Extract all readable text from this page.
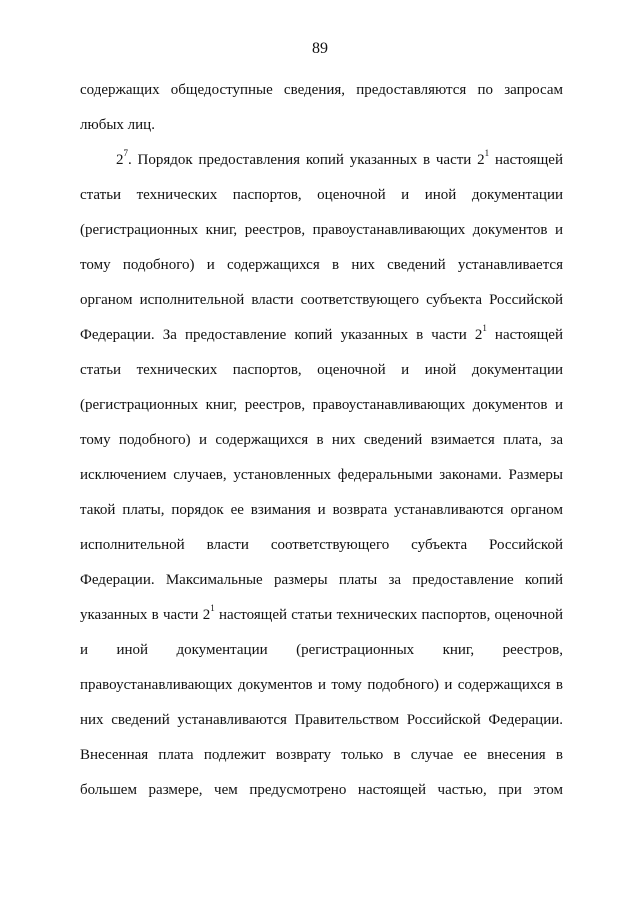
89
содержащих общедоступные сведения, предоставляются по запросам
любых лиц.
$2^7$. Порядок предоставления копий указанных в части $2^1$ настоящей
статьи технических паспортов, оценочной и иной документации
(регистрационных книг, реестров, правоустанавливающих документов и
тому подобного) и содержащихся в них сведений устанавливается
органом исполнительной власти соответствующего субъекта Российской
Федерации. За предоставление копий указанных в части $2^1$ настоящей
статьи технических паспортов, оценочной и иной документации
(регистрационных книг, реестров, правоустанавливающих документов и
тому подобного) и содержащихся в них сведений взимается плата, за
исключением случаев, установленных федеральными законами. Размеры
такой платы, порядок ее взимания и возврата устанавливаются органом
исполнительной власти соответствующего субъекта Российской
Федерации. Максимальные размеры платы за предоставление копий
указанных в части $2^1$ настоящей статьи технических паспортов, оценочной
и иной документации (регистрационных книг, реестров,
правоустанавливающих документов и тому подобного) и содержащихся в
них сведений устанавливаются Правительством Российской Федерации.
Внесенная плата подлежит возврату только в случае ее внесения в
большем размере, чем предусмотрено настоящей частью, при этом
